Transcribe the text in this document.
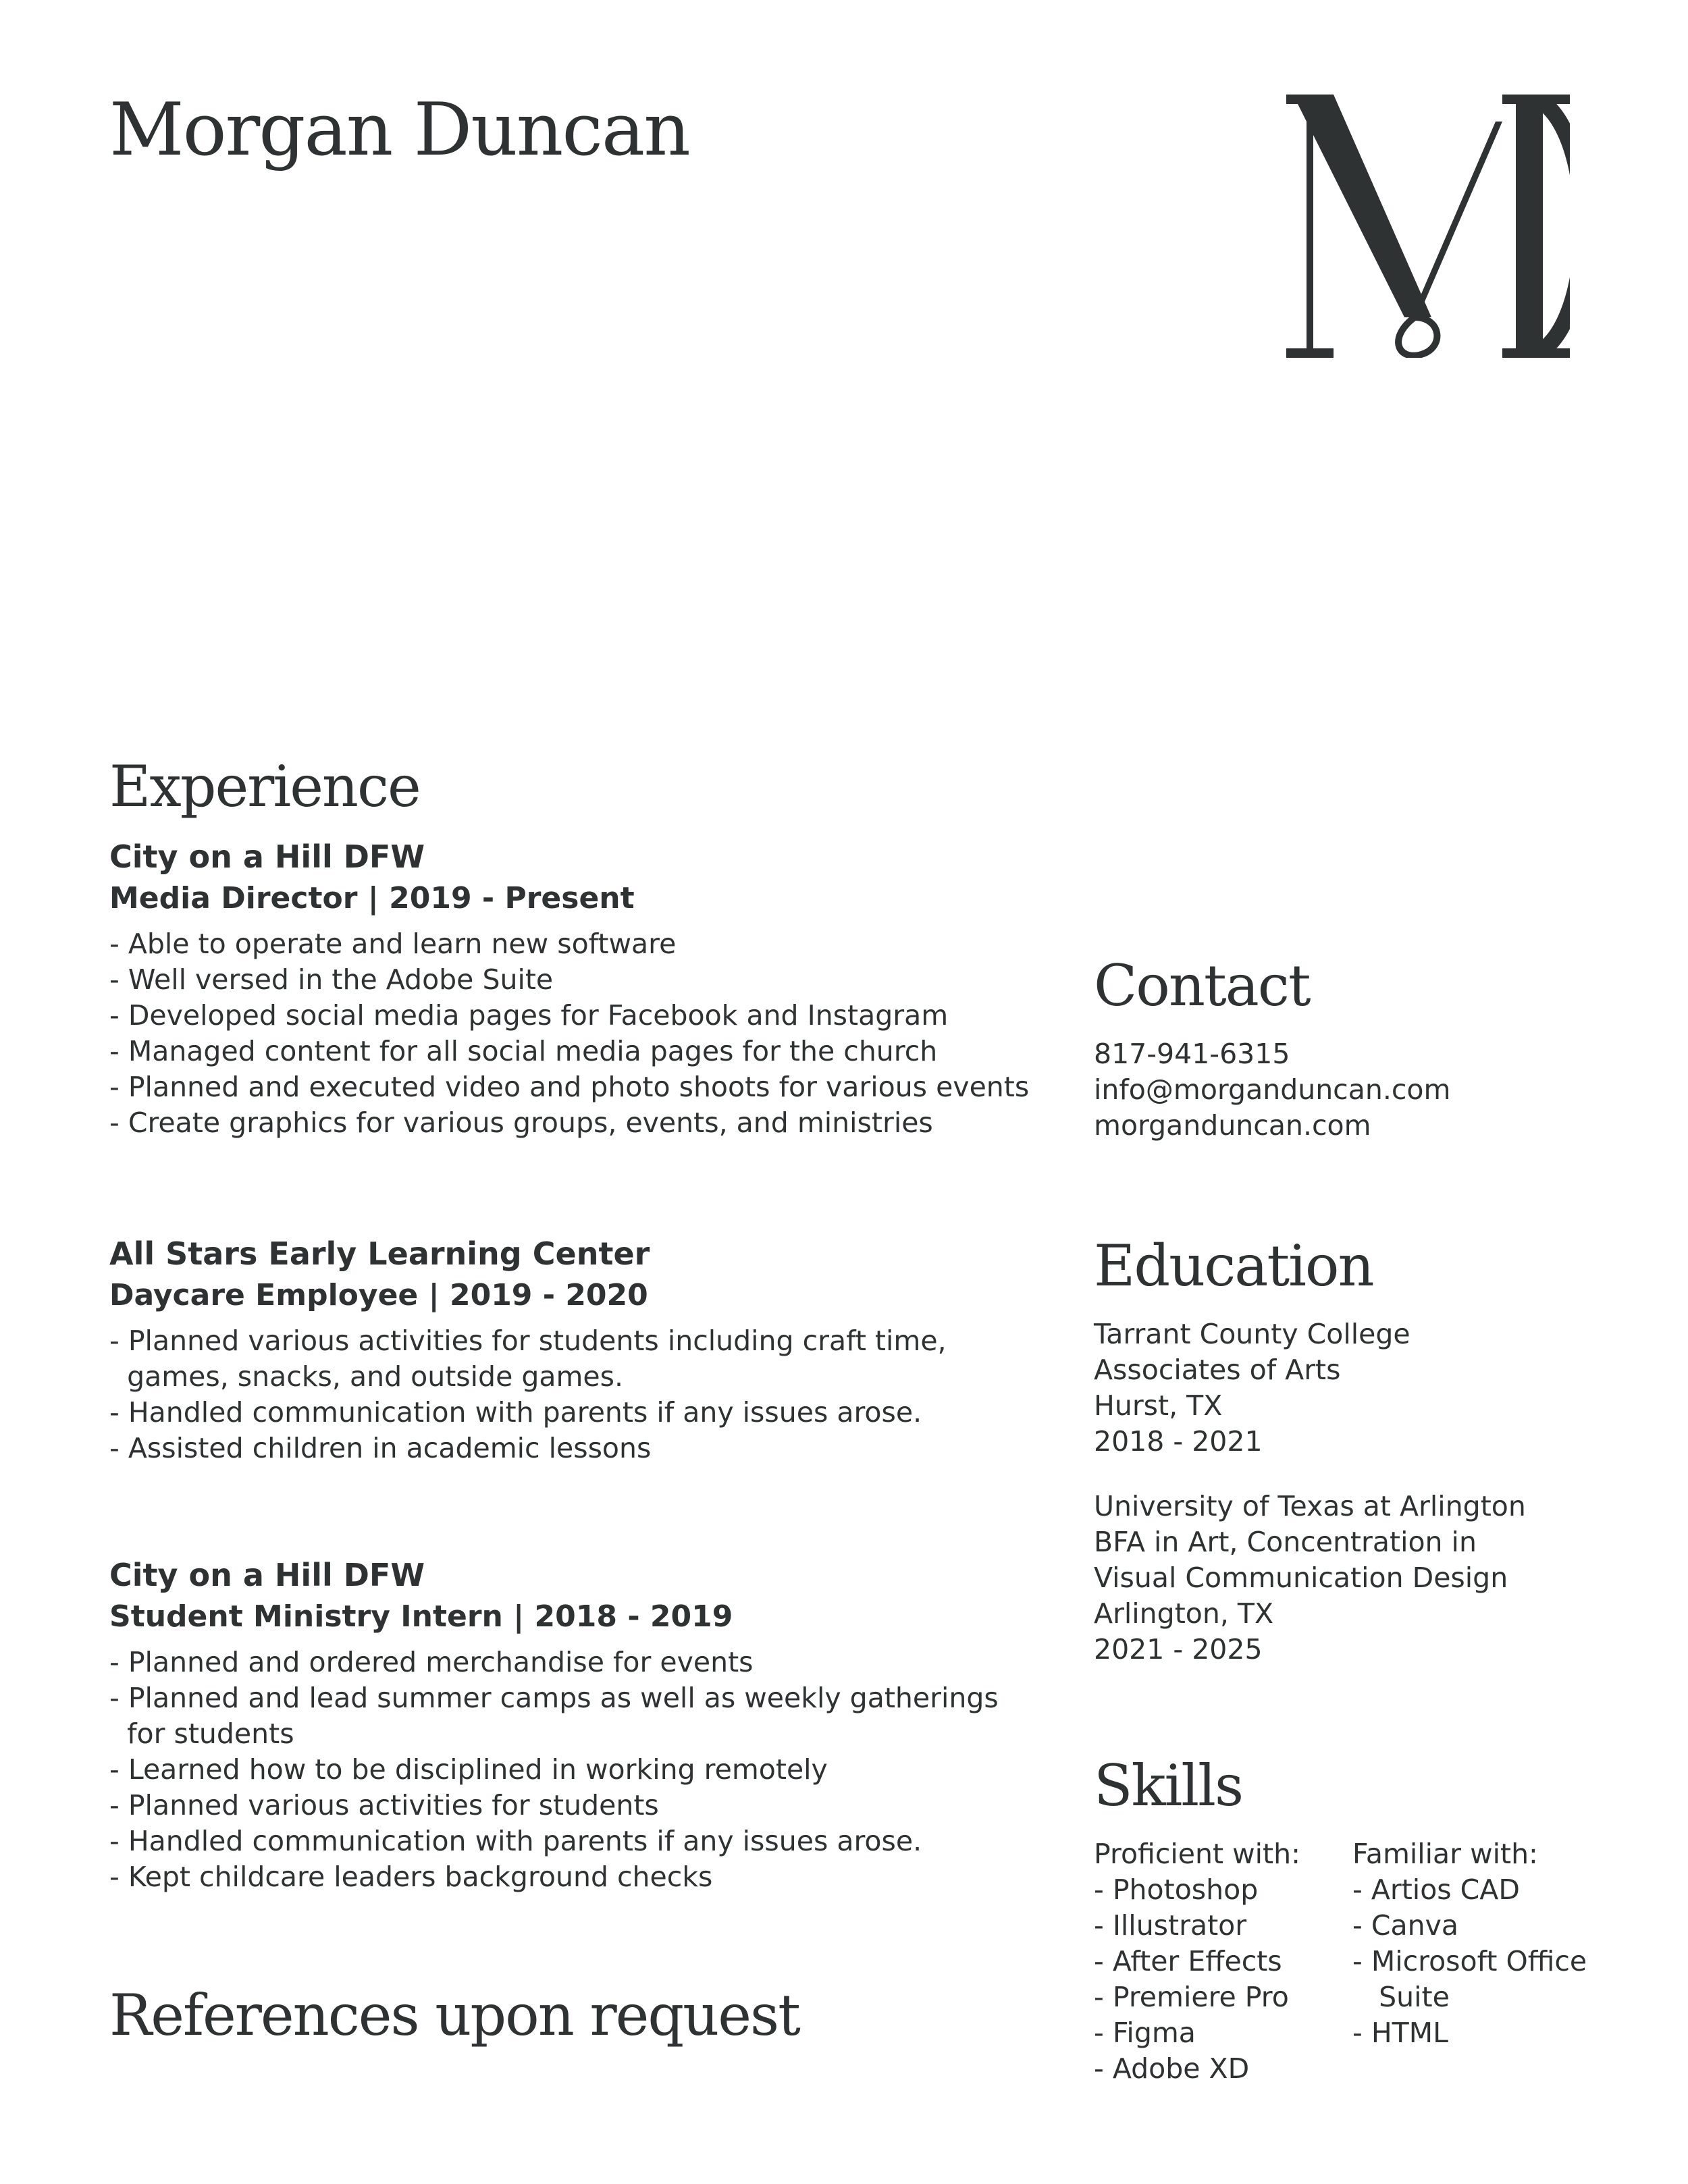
Morgan Duncan
Experience

City on a Hill DFW

Media Director | 2019 - Present

- Able to operate and learn new software
- Well versed in the Adobe Suite
- Developed social media pages for Facebook and Instagram
- Managed content for all social media pages for the church
- Planned and executed video and photo shoots for various events
- Create graphics for various groups, events, and ministries

All Stars Early Learning Center

Daycare Employee | 2019 - 2020

- Planned various activities for students including craft time,
games, snacks, and outside games.
- Handled communication with parents if any issues arose.
- Assisted children in academic lessons

City on a Hill DFW

Student Ministry Intern | 2018 - 2019

- Planned and ordered merchandise for events
- Planned and lead summer camps as well as weekly gatherings
for students
- Learned how to be disciplined in working remotely
- Planned various activities for students
- Handled communication with parents if any issues arose.
- Kept childcare leaders background checks
References upon request
Contact

817-941-6315

info@morganduncan.com

morganduncan.com

Education
Tarrant County College
Associates of Arts
Hurst, TX
2018 - 2021
University of Texas at Arlington
BFA in Art, Concentration in
Visual Communication Design
Arlington, TX
2021 - 2025
Skills
Proficient with:
- Photoshop
- Illustrator
- After Effects
- Premiere Pro
- Figma
- Adobe XD
Familiar with:
- Artios CAD
- Canva
- Microsoft Office
Suite
- HTML
